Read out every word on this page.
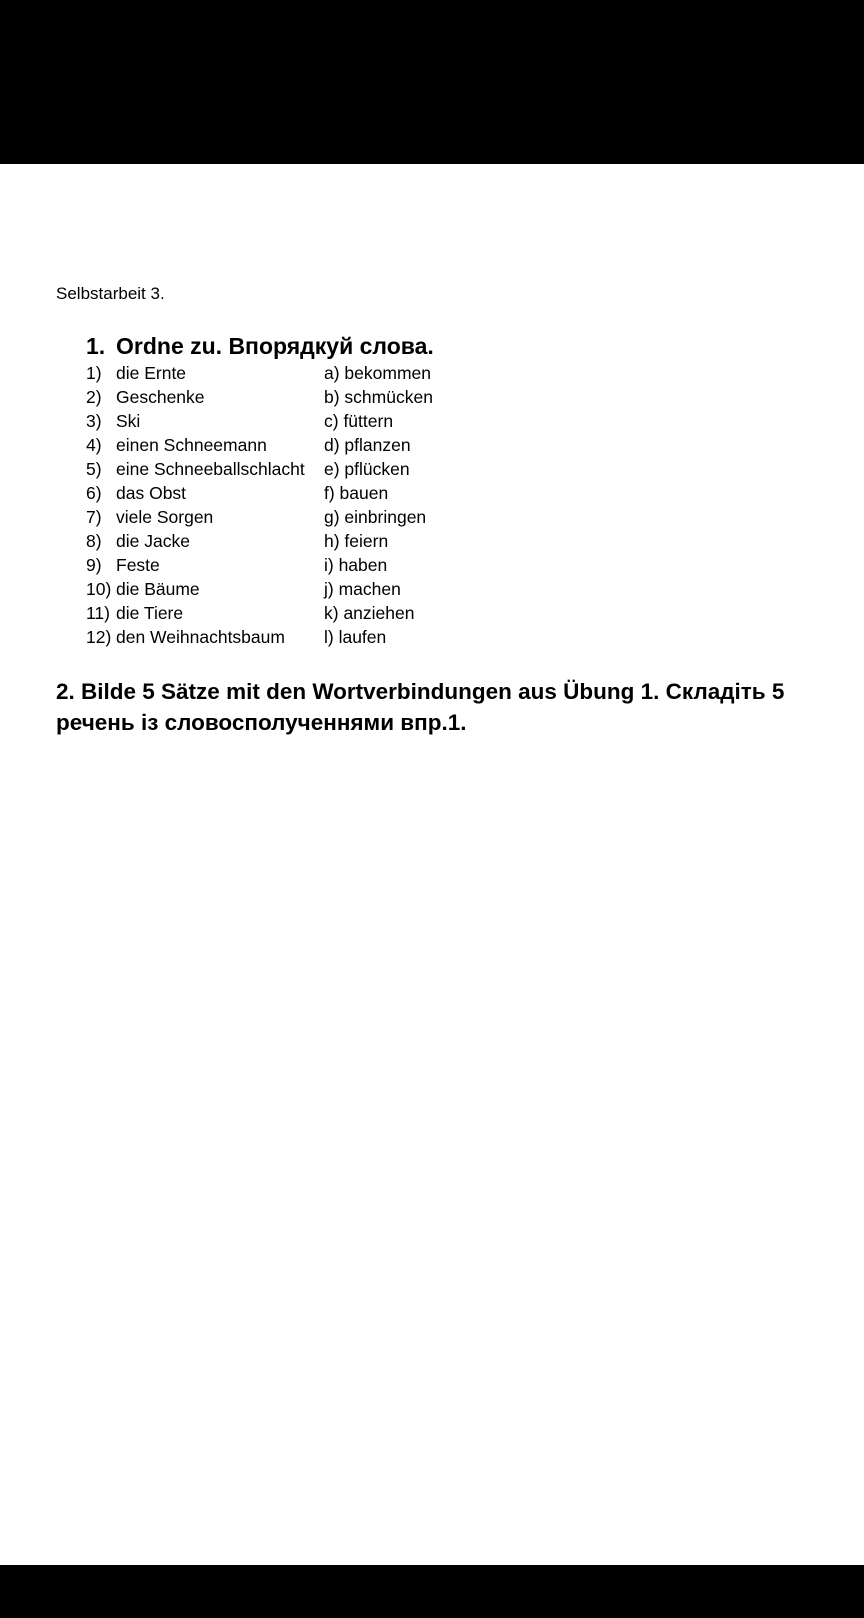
Selbstarbeit 3.
1. Ordne zu. Впорядкуй слова.
1) die Ernte	a) bekommen
2) Geschenke	b) schmücken
3) Ski	c) füttern
4) einen Schneemann	d) pflanzen
5) eine Schneeballschlacht e) pflücken
6) das Obst	f) bauen
7) viele Sorgen	g) einbringen
8) die Jacke	h) feiern
9) Feste	i) haben
10) die Bäume	j) machen
11) die Tiere	k) anziehen
12) den Weihnachtsbaum l) laufen

2. Bilde 5 Sätze mit den Wortverbindungen aus Übung 1. Складіть 5 речень із словосполученнями впр.1.
